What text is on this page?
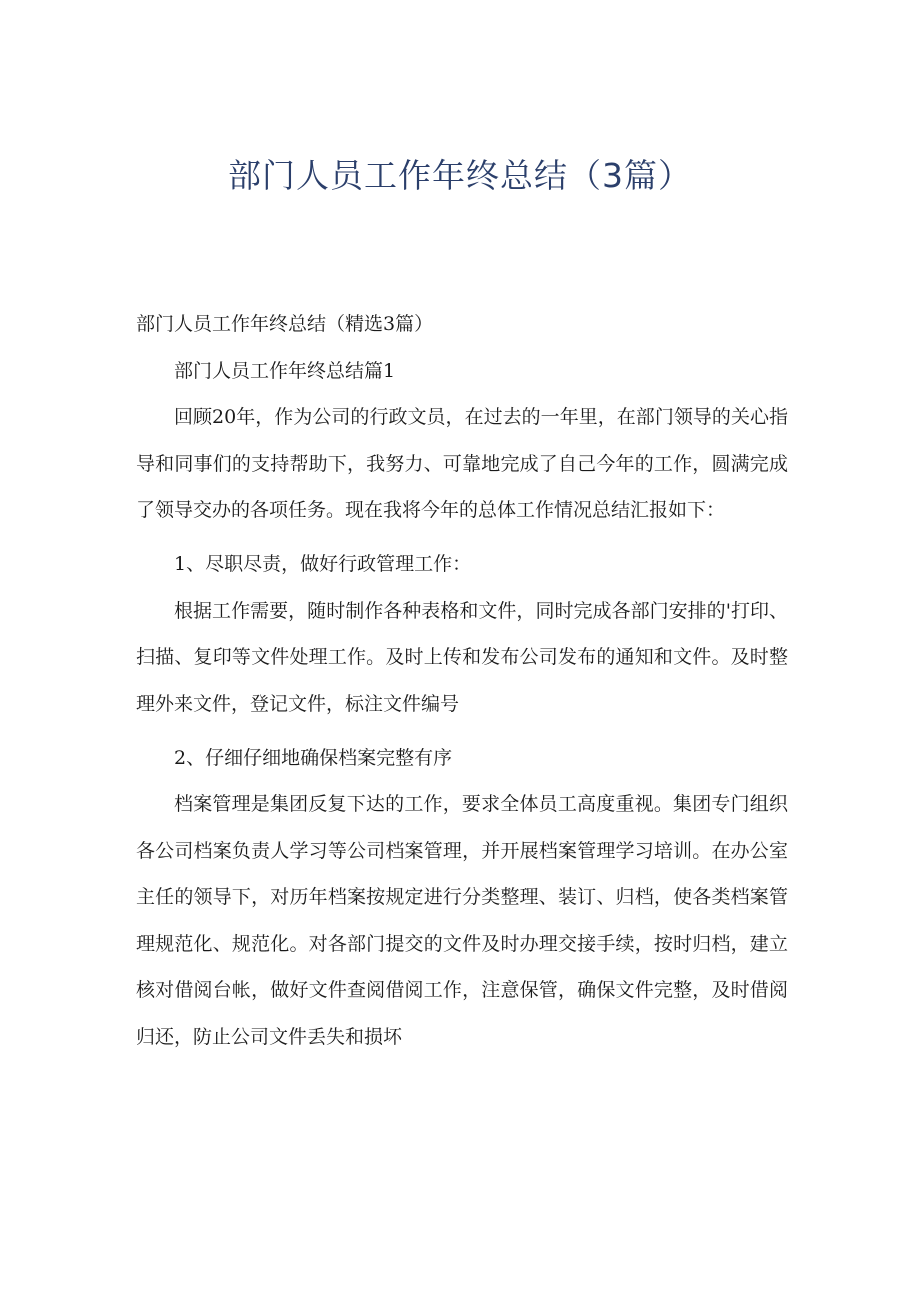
部门人员工作年终总结（3篇）

部门人员工作年终总结（精选3篇）

部门人员工作年终总结篇1

回顾20年，作为公司的行政文员，在过去的一年里，在部门领导的关心指导和同事们的支持帮助下，我努力、可靠地完成了自己今年的工作，圆满完成了领导交办的各项任务。现在我将今年的总体工作情况总结汇报如下：

1、尽职尽责，做好行政管理工作：

根据工作需要，随时制作各种表格和文件，同时完成各部门安排的'打印、扫描、复印等文件处理工作。及时上传和发布公司发布的通知和文件。及时整理外来文件，登记文件，标注文件编号

2、仔细仔细地确保档案完整有序

档案管理是集团反复下达的工作，要求全体员工高度重视。集团专门组织各公司档案负责人学习等公司档案管理，并开展档案管理学习培训。在办公室主任的领导下，对历年档案按规定进行分类整理、装订、归档，使各类档案管理规范化、规范化。对各部门提交的文件及时办理交接手续，按时归档，建立核对借阅台帐，做好文件查阅借阅工作，注意保管，确保文件完整，及时借阅归还，防止公司文件丢失和损坏
